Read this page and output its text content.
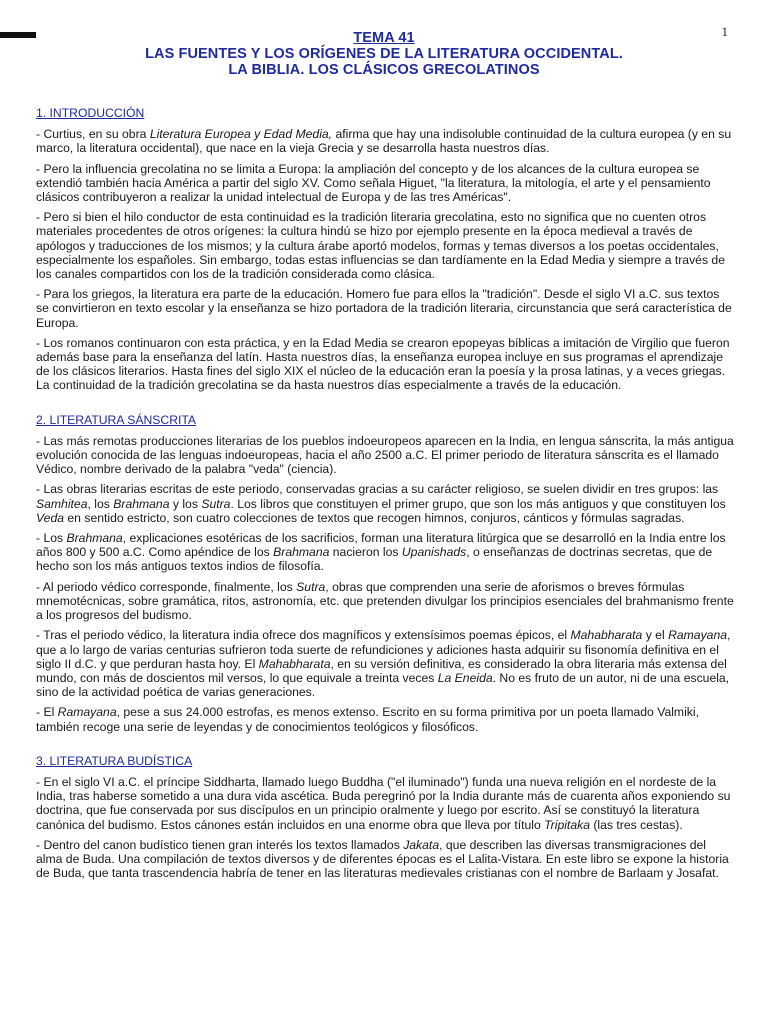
1
TEMA 41
LAS FUENTES Y LOS ORÍGENES DE LA LITERATURA OCCIDENTAL.
LA BIBLIA. LOS CLÁSICOS GRECOLATINOS
1. INTRODUCCIÓN

- Curtius, en su obra Literatura Europea y Edad Media, afirma que hay una indisoluble continuidad de la cultura europea (y en su marco, la literatura occidental), que nace en la vieja Grecia y se desarrolla hasta nuestros días.

- Pero la influencia grecolatina no se limita a Europa: la ampliación del concepto y de los alcances de la cultura europea se extendió también hacia América a partir del siglo XV. Como señala Higuet, "la literatura, la mitología, el arte y el pensamiento clásicos contribuyeron a realizar la unidad intelectual de Europa y de las tres Américas".

- Pero si bien el hilo conductor de esta continuidad es la tradición literaria grecolatina, esto no significa que no cuenten otros materiales procedentes de otros orígenes: la cultura hindú se hizo por ejemplo presente en la época medieval a través de apólogos y traducciones de los mismos; y la cultura árabe aportó modelos, formas y temas diversos a los poetas occidentales, especialmente los españoles. Sin embargo, todas estas influencias se dan tardíamente en la Edad Media y siempre a través de los canales compartidos con los de la tradición considerada como clásica.

- Para los griegos, la literatura era parte de la educación. Homero fue para ellos la "tradición". Desde el siglo VI a.C. sus textos se convirtieron en texto escolar y la enseñanza se hizo portadora de la tradición literaria, circunstancia que será característica de Europa.

- Los romanos continuaron con esta práctica, y en la Edad Media se crearon epopeyas bíblicas a imitación de Virgilio que fueron además base para la enseñanza del latín. Hasta nuestros días, la enseñanza europea incluye en sus programas el aprendizaje de los clásicos literarios. Hasta fines del siglo XIX el núcleo de la educación eran la poesía y la prosa latinas, y a veces griegas. La continuidad de la tradición grecolatina se da hasta nuestros días especialmente a través de la educación.

2. LITERATURA SÁNSCRITA

- Las más remotas producciones literarias de los pueblos indoeuropeos aparecen en la India, en lengua sánscrita, la más antigua evolución conocida de las lenguas indoeuropeas, hacia el año 2500 a.C. El primer periodo de literatura sánscrita es el llamado Védico, nombre derivado de la palabra "veda" (ciencia).

- Las obras literarias escritas de este periodo, conservadas gracias a su carácter religioso, se suelen dividir en tres grupos: las Samhitea, los Brahmana y los Sutra. Los libros que constituyen el primer grupo, que son los más antiguos y que constituyen los Veda en sentido estricto, son cuatro colecciones de textos que recogen himnos, conjuros, cánticos y fórmulas sagradas.

- Los Brahmana, explicaciones esotéricas de los sacrificios, forman una literatura litúrgica que se desarrolló en la India entre los años 800 y 500 a.C. Como apéndice de los Brahmana nacieron los Upanishads, o enseñanzas de doctrinas secretas, que de hecho son los más antiguos textos indios de filosofía.

- Al periodo védico corresponde, finalmente, los Sutra, obras que comprenden una serie de aforismos o breves fórmulas mnemotécnicas, sobre gramática, ritos, astronomía, etc. que pretenden divulgar los principios esenciales del brahmanismo frente a los progresos del budismo.

- Tras el periodo védico, la literatura india ofrece dos magníficos y extensísimos poemas épicos, el Mahabharata y el Ramayana, que a lo largo de varias centurias sufrieron toda suerte de refundiciones y adiciones hasta adquirir su fisonomía definitiva en el siglo II d.C. y que perduran hasta hoy. El Mahabharata, en su versión definitiva, es considerado la obra literaria más extensa del mundo, con más de doscientos mil versos, lo que equivale a treinta veces La Eneida. No es fruto de un autor, ni de una escuela, sino de la actividad poética de varias generaciones.

- El Ramayana, pese a sus 24.000 estrofas, es menos extenso. Escrito en su forma primitiva por un poeta llamado Valmiki, también recoge una serie de leyendas y de conocimientos teológicos y filosóficos.

3. LITERATURA BUDÍSTICA

- En el siglo VI a.C. el príncipe Siddharta, llamado luego Buddha ("el iluminado") funda una nueva religión en el nordeste de la India, tras haberse sometido a una dura vida ascética. Buda peregrinó por la India durante más de cuarenta años exponiendo su doctrina, que fue conservada por sus discípulos en un principio oralmente y luego por escrito. Así se constituyó la literatura canónica del budismo. Estos cánones están incluidos en una enorme obra que lleva por título Tripitaka (las tres cestas).

- Dentro del canon budístico tienen gran interés los textos llamados Jakata, que describen las diversas transmigraciones del alma de Buda. Una compilación de textos diversos y de diferentes épocas es el Lalita-Vistara. En este libro se expone la historia de Buda, que tanta trascendencia habría de tener en las literaturas medievales cristianas con el nombre de Barlaam y Josafat.
